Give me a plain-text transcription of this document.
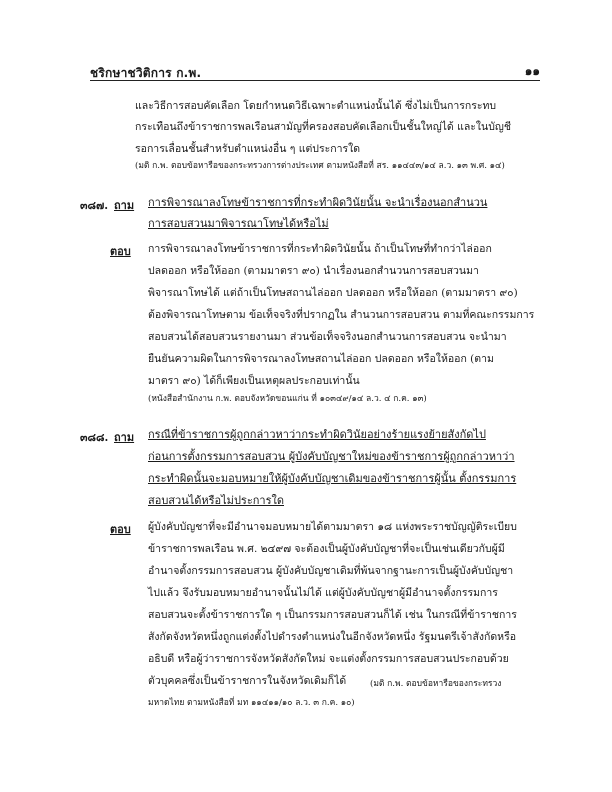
ชริกษาชวิติการ ก.พ.	๑๑
และวิธีการสอบคัดเลือก โดยกำหนดวิธีเฉพาะตำแหน่งนั้นได้ ซึ่งไม่เป็นการกระทบ
กระเทือนถึงข้าราชการพลเรือนสามัญที่ครองสอบคัดเลือกเป็นชั้นใหญ่ได้ และในบัญชี
รอการเลื่อนชั้นสำหรับตำแหน่งอื่น ๆ แต่ประการใด
(มติ ก.พ. ตอบข้อหารือของกระทรวงการต่างประเทศ ตามหนังสือที่ สร. ๑๑๔๔๓/๑๔ ล.ว. ๑๓ พ.ศ. ๑๔)
๓๘๗. ถาม การพิจารณาลงโทษข้าราชการที่กระทำผิดวินัยนั้น จะนำเรื่องนอกสำนวน
การสอบสวนมาพิจารณาโทษได้หรือไม่
ตอบ การพิจารณาลงโทษข้าราชการที่กระทำผิดวินัยนั้น ถ้าเป็นโทษที่ทำกว่าไล่ออก
ปลดออก หรือให้ออก (ตามมาตรา ๙๐) นำเรื่องนอกสำนวนการสอบสวนมา
พิจารณาโทษได้ แต่ถ้าเป็นโทษสถานไล่ออก ปลดออก หรือให้ออก (ตามมาตรา ๙๐)
ต้องพิจารณาโทษตาม ข้อเท็จจริงที่ปรากฏใน สำนวนการสอบสวน ตามที่คณะกรรมการ
สอบสวนได้สอบสวนรายงานมา ส่วนข้อเท็จจริงนอกสำนวนการสอบสวน จะนำมา
ยืนยันความผิดในการพิจารณาลงโทษสถานไล่ออก ปลดออก หรือให้ออก (ตาม
มาตรา ๙๐) ได้ก็เพียงเป็นเหตุผลประกอบเท่านั้น
(หนังสือสำนักงาน ก.พ. ตอบจังหวัดขอนแก่น ที่ ๑๐๓๔๙/๑๔ ล.ว. ๔ ก.ค. ๑๓)
๓๘๘. ถาม กรณีที่ข้าราชการผู้ถูกกล่าวหาว่ากระทำผิดวินัยอย่างร้ายแรงย้ายสังกัดไป
ก่อนการตั้งกรรมการสอบสวน ผู้บังคับบัญชาใหม่ของข้าราชการผู้ถูกกล่าวหาว่า
กระทำผิดนั้นจะมอบหมายให้ผู้บังคับบัญชาเดิมของข้าราชการผู้นั้น ตั้งกรรมการ
สอบสวนได้หรือไม่ประการใด
ตอบ ผู้บังคับบัญชาที่จะมีอำนาจมอบหมายได้ตามมาตรา ๑๘ แห่งพระราชบัญญัติระเบียบ
ข้าราชการพลเรือน พ.ศ. ๒๔๙๗ จะต้องเป็นผู้บังคับบัญชาที่จะเป็นเช่นเดียวกับผู้มี
อำนาจตั้งกรรมการสอบสวน ผู้บังคับบัญชาเดิมที่พ้นจากฐานะการเป็นผู้บังคับบัญชา
ไปแล้ว จึงรับมอบหมายอำนาจนั้นไม่ได้ แต่ผู้บังคับบัญชาผู้มีอำนาจตั้งกรรมการ
สอบสวนจะตั้งข้าราชการใด ๆ เป็นกรรมการสอบสวนก็ได้ เช่น ในกรณีที่ข้าราชการ
สังกัดจังหวัดหนึ่งถูกแต่งตั้งไปดำรงตำแหน่งในอีกจังหวัดหนึ่ง รัฐมนตรีเจ้าสังกัดหรือ
อธิบดี หรือผู้ว่าราชการจังหวัดสังกัดใหม่ จะแต่งตั้งกรรมการสอบสวนประกอบด้วย
ตัวบุคคลซึ่งเป็นข้าราชการในจังหวัดเดิมก็ได้	(มติ ก.พ. ตอบข้อหารือของกระทรวง
มหาดไทย ตามหนังสือที่ มท ๑๑๔๑๑/๑๐ ล.ว. ๓ ก.ค. ๑๐)
